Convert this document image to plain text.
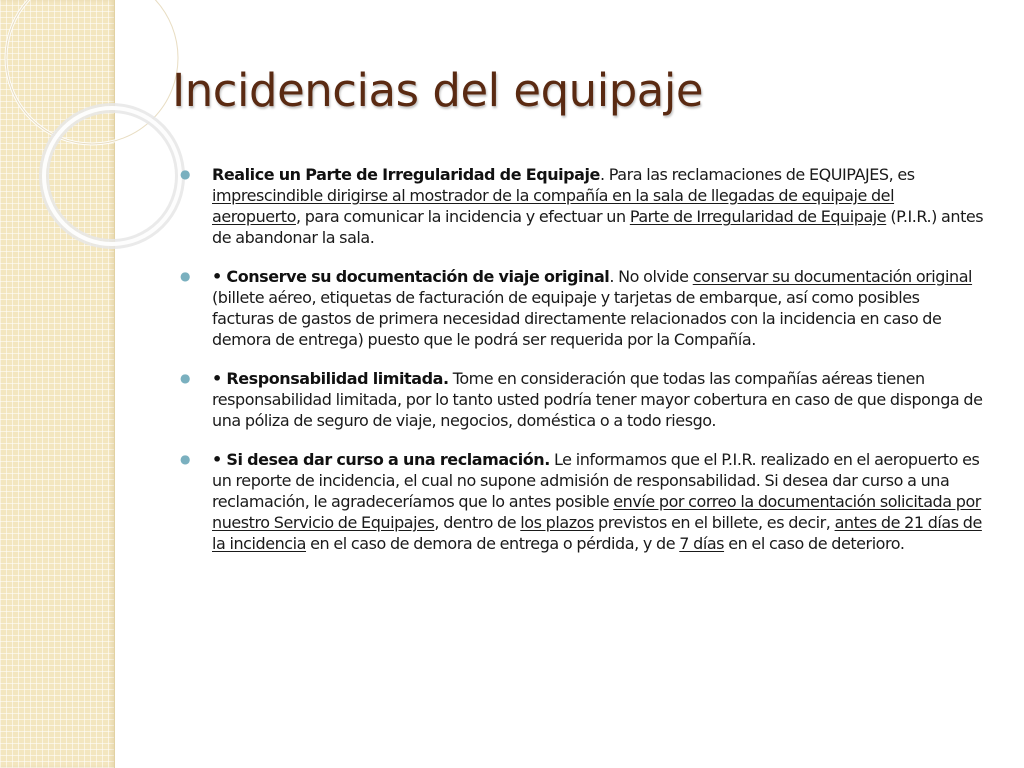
Incidencias del equipaje
● Realice un Parte de Irregularidad de Equipaje. Para las reclamaciones de EQUIPAJES, es imprescindible dirigirse al mostrador de la compañía en la sala de llegadas de equipaje del aeropuerto, para comunicar la incidencia y efectuar un Parte de Irregularidad de Equipaje (P.I.R.) antes de abandonar la sala.
● • Conserve su documentación de viaje original. No olvide conservar su documentación original (billete aéreo, etiquetas de facturación de equipaje y tarjetas de embarque, así como posibles facturas de gastos de primera necesidad directamente relacionados con la incidencia en caso de demora de entrega) puesto que le podrá ser requerida por la Compañía.
● • Responsabilidad limitada. Tome en consideración que todas las compañías aéreas tienen responsabilidad limitada, por lo tanto usted podría tener mayor cobertura en caso de que disponga de una póliza de seguro de viaje, negocios, doméstica o a todo riesgo.
● • Si desea dar curso a una reclamación. Le informamos que el P.I.R. realizado en el aeropuerto es un reporte de incidencia, el cual no supone admisión de responsabilidad. Si desea dar curso a una reclamación, le agradeceríamos que lo antes posible envíe por correo la documentación solicitada por nuestro Servicio de Equipajes, dentro de los plazos previstos en el billete, es decir, antes de 21 días de la incidencia en el caso de demora de entrega o pérdida, y de 7 días en el caso de deterioro.
